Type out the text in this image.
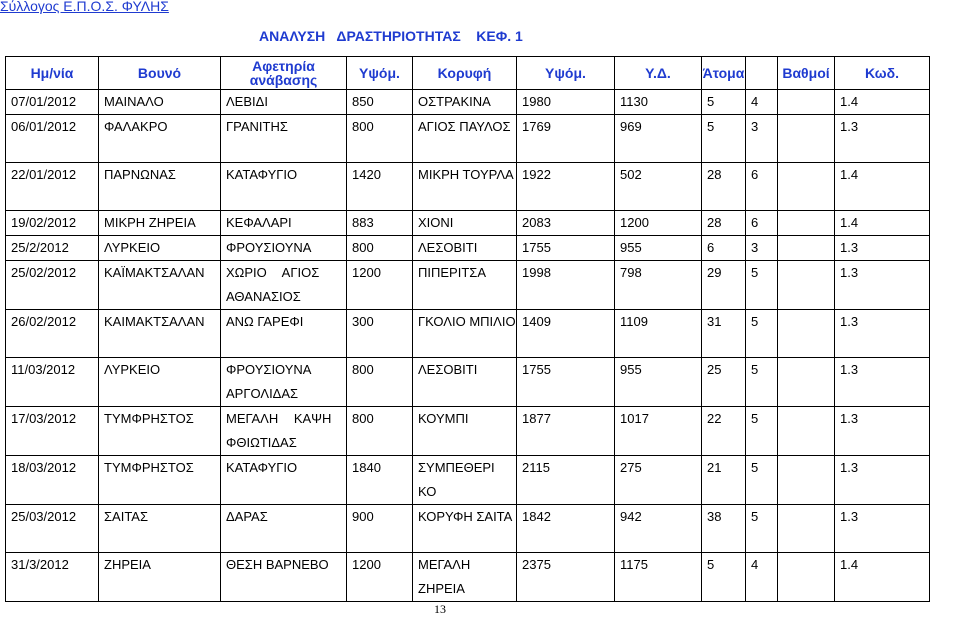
Σύλλογος Ε.Π.Ο.Σ. ΦΥΛΗΣ
ΑΝΑΛΥΣΗ   ΔΡΑΣΤΗΡΙΟΤΗΤΑΣ    ΚΕΦ. 1
Ημ/νία	Βουνό	Αφετηρία ανάβασης	Υψόμ.	Κορυφή	Υψόμ.	Υ.Δ.	Άτομα		Βαθμοί	Κωδ.
07/01/2012	ΜΑΙΝΑΛΟ	ΛΕΒΙΔΙ	850	ΟΣΤΡΑΚΙΝΑ	1980	1130	5	4		1.4
06/01/2012	ΦΑΛΑΚΡΟ	ΓΡΑΝΙΤΗΣ	800	ΑΓΙΟΣ ΠΑΥΛΟΣ	1769	969	5	3		1.3
22/01/2012	ΠΑΡΝΩΝΑΣ	ΚΑΤΑΦΥΓΙΟ	1420	ΜΙΚΡΗ ΤΟΥΡΛΑ	1922	502	28	6		1.4
19/02/2012	ΜΙΚΡΗ ΖΗΡΕΙΑ	ΚΕΦΑΛΑΡΙ	883	ΧΙΟΝΙ	2083	1200	28	6		1.4
25/2/2012	ΛΥΡΚΕΙΟ	ΦΡΟΥΣΙΟΥΝΑ	800	ΛΕΣΟΒΙΤΙ	1755	955	6	3		1.3
25/02/2012	ΚΑΪΜΑΚΤΣΑΛΑΝ	ΧΩΡΙΟ ΑΓΙΟΣ ΑΘΑΝΑΣΙΟΣ	1200	ΠΙΠΕΡΙΤΣΑ	1998	798	29	5		1.3
26/02/2012	ΚΑΙΜΑΚΤΣΑΛΑΝ	ΑΝΩ ΓΑΡΕΦΙ	300	ΓΚΟΛΙΟ ΜΠΙΛΙΟ	1409	1109	31	5		1.3
11/03/2012	ΛΥΡΚΕΙΟ	ΦΡΟΥΣΙΟΥΝΑ ΑΡΓΟΛΙΔΑΣ	800	ΛΕΣΟΒΙΤΙ	1755	955	25	5		1.3
17/03/2012	ΤΥΜΦΡΗΣΤΟΣ	ΜΕΓΑΛΗ ΚΑΨΗ ΦΘΙΩΤΙΔΑΣ	800	ΚΟΥΜΠΙ	1877	1017	22	5		1.3
18/03/2012	ΤΥΜΦΡΗΣΤΟΣ	ΚΑΤΑΦΥΓΙΟ	1840	ΣΥΜΠΕΘΕΡΙ ΚΟ	2115	275	21	5		1.3
25/03/2012	ΣΑΙΤΑΣ	ΔΑΡΑΣ	900	ΚΟΡΥΦΗ ΣΑΙΤΑ	1842	942	38	5		1.3
31/3/2012	ΖΗΡΕΙΑ	ΘΕΣΗ ΒΑΡΝΕΒΟ	1200	ΜΕΓΑΛΗ ΖΗΡΕΙΑ	2375	1175	5	4		1.4
13
